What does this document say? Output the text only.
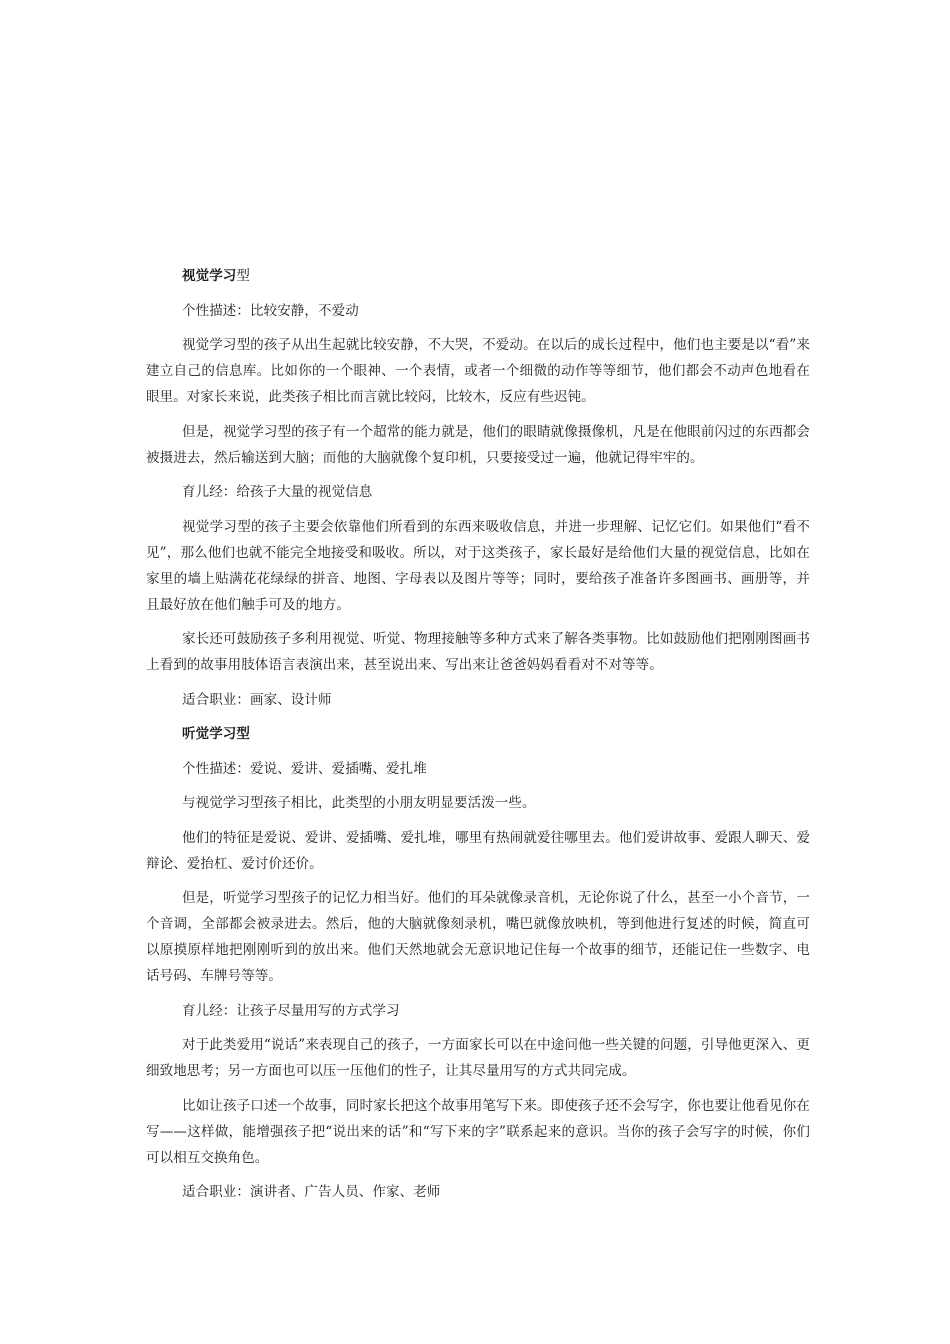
视觉学习型

个性描述：比较安静，不爱动

视觉学习型的孩子从出生起就比较安静，不大哭，不爱动。在以后的成长过程中，他们也主要是以“看”来建立自己的信息库。比如你的一个眼神、一个表情，或者一个细微的动作等等细节，他们都会不动声色地看在眼里。对家长来说，此类孩子相比而言就比较闷，比较木，反应有些迟钝。

但是，视觉学习型的孩子有一个超常的能力就是，他们的眼睛就像摄像机，凡是在他眼前闪过的东西都会被摄进去，然后输送到大脑；而他的大脑就像个复印机，只要接受过一遍，他就记得牢牢的。

育儿经：给孩子大量的视觉信息

视觉学习型的孩子主要会依靠他们所看到的东西来吸收信息，并进一步理解、记忆它们。如果他们“看不见”，那么他们也就不能完全地接受和吸收。所以，对于这类孩子，家长最好是给他们大量的视觉信息，比如在家里的墙上贴满花花绿绿的拼音、地图、字母表以及图片等等；同时，要给孩子准备许多图画书、画册等，并且最好放在他们触手可及的地方。

家长还可鼓励孩子多利用视觉、听觉、物理接触等多种方式来了解各类事物。比如鼓励他们把刚刚图画书上看到的故事用肢体语言表演出来，甚至说出来、写出来让爸爸妈妈看看对不对等等。

适合职业：画家、设计师

听觉学习型

个性描述：爱说、爱讲、爱插嘴、爱扎堆

与视觉学习型孩子相比，此类型的小朋友明显要活泼一些。

他们的特征是爱说、爱讲、爱插嘴、爱扎堆，哪里有热闹就爱往哪里去。他们爱讲故事、爱跟人聊天、爱辩论、爱抬杠、爱讨价还价。

但是，听觉学习型孩子的记忆力相当好。他们的耳朵就像录音机，无论你说了什么，甚至一小个音节，一个音调，全部都会被录进去。然后，他的大脑就像刻录机，嘴巴就像放映机，等到他进行复述的时候，简直可以原摸原样地把刚刚听到的放出来。他们天然地就会无意识地记住每一个故事的细节，还能记住一些数字、电话号码、车牌号等等。

育儿经：让孩子尽量用写的方式学习

对于此类爱用“说话”来表现自己的孩子，一方面家长可以在中途问他一些关键的问题，引导他更深入、更细致地思考；另一方面也可以压一压他们的性子，让其尽量用写的方式共同完成。

比如让孩子口述一个故事，同时家长把这个故事用笔写下来。即使孩子还不会写字，你也要让他看见你在写——这样做，能增强孩子把“说出来的话”和“写下来的字”联系起来的意识。当你的孩子会写字的时候，你们可以相互交换角色。

适合职业：演讲者、广告人员、作家、老师
